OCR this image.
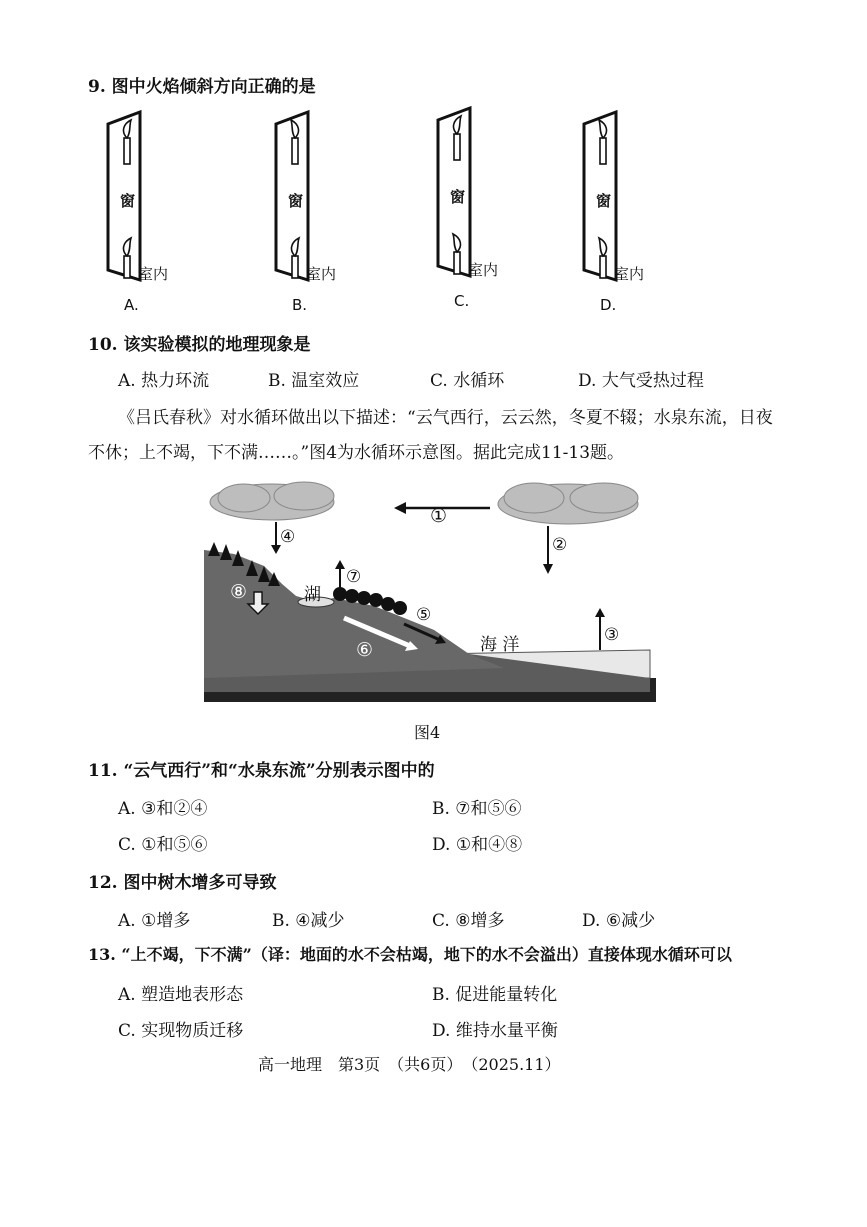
9. 图中火焰倾斜方向正确的是
窗
室内
A.
窗
室内
B.
窗
室内
C.
窗
室内
D.
10. 该实验模拟的地理现象是
A. 热力环流	B. 温室效应	C. 水循环	D. 大气受热过程
《吕氏春秋》对水循环做出以下描述：“云气西行，云云然，冬夏不辍；水泉东流，日夜
不休；上不竭，下不满……。”图4为水循环示意图。据此完成11-13题。
①
④	②
⑧	湖
⑦
⑤
⑥	海 洋	③
图4
11. “云气西行”和“水泉东流”分别表示图中的
A. ③和②④	B. ⑦和⑤⑥
C. ①和⑤⑥	D. ①和④⑧
12. 图中树木增多可导致
A. ①增多	B. ④减少	C. ⑧增多	D. ⑥减少
13. “上不竭，下不满”（译：地面的水不会枯竭，地下的水不会溢出）直接体现水循环可以
A. 塑造地表形态	B. 促进能量转化
C. 实现物质迁移	D. 维持水量平衡
高一地理　第3页　（共6页）　（2025.11）
